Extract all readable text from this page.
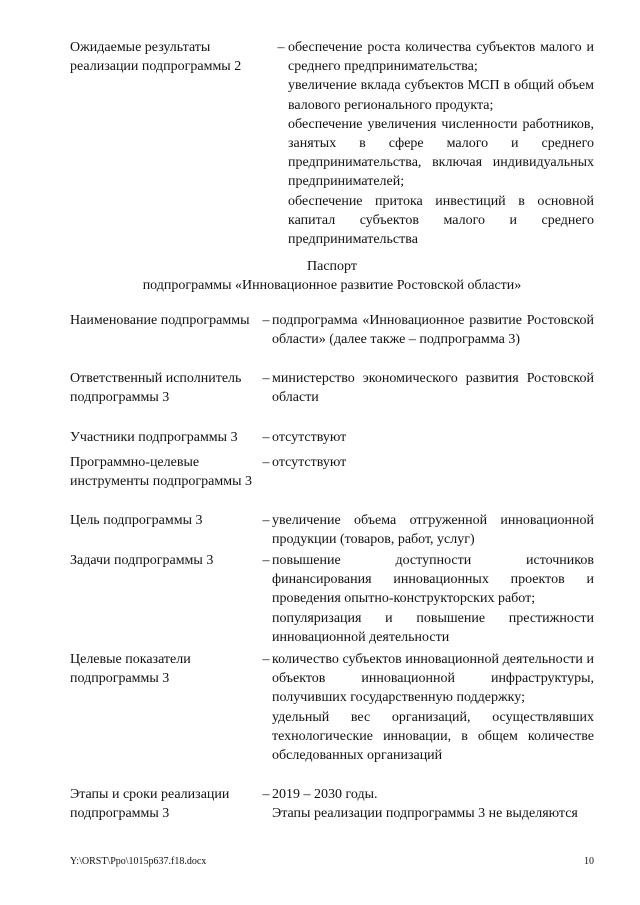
Ожидаемые результаты реализации подпрограммы 2
– обеспечение роста количества субъектов малого и среднего предпринимательства;

увеличение вклада субъектов МСП в общий объем валового регионального продукта;

обеспечение увеличения численности работников, занятых в сфере малого и среднего предпринимательства, включая индивидуальных предпринимателей;

обеспечение притока инвестиций в основной капитал субъектов малого и среднего предпринимательства

Паспорт
подпрограммы «Инновационное развитие Ростовской области»
Наименование подпрограммы – подпрограмма «Инновационное развитие Ростовской области» (далее также – подпрограмма 3)

Ответственный исполнитель подпрограммы 3
– министерство экономического развития Ростовской области

Участники подпрограммы 3	– отсутствуют

Программно-целевые инструменты подпрограммы 3
– отсутствуют

Цель подпрограммы 3	– увеличение объема отгруженной инновационной продукции (товаров, работ, услуг)

Задачи подпрограммы 3	– повышение доступности источников финансирования инновационных проектов и проведения опытно-конструкторских работ;

популяризация и повышение престижности инновационной деятельности

Целевые показатели подпрограммы 3
– количество субъектов инновационной деятельности и объектов инновационной инфраструктуры, получивших государственную поддержку;

удельный вес организаций, осуществлявших технологические инновации, в общем количестве обследованных организаций

Этапы и сроки реализации подпрограммы 3
– 2019 – 2030 годы.

Этапы реализации подпрограммы 3 не выделяются

Y:\ORST\Ppo\1015p637.f18.docx	10
